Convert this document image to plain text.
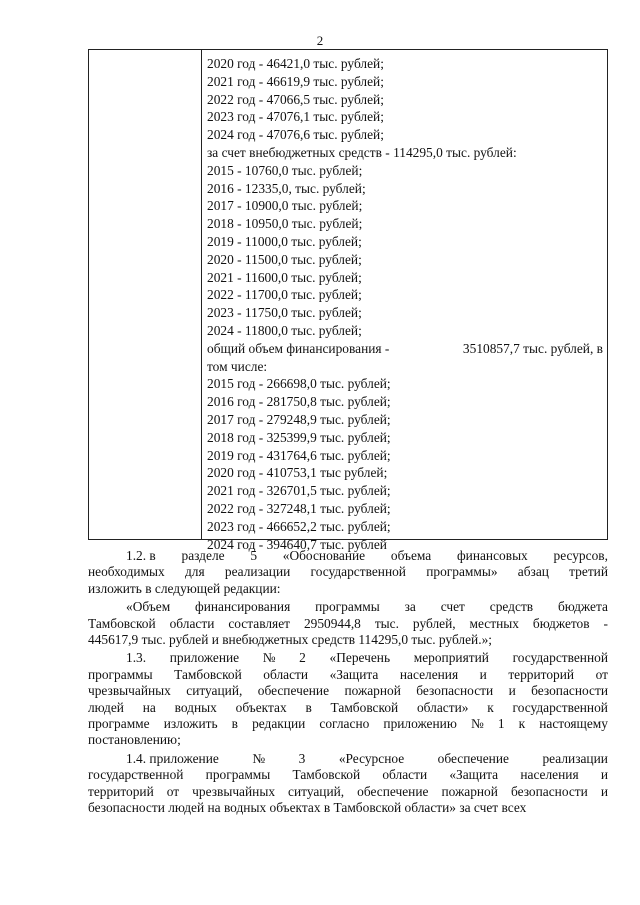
2
2020 год - 46421,0 тыс. рублей;
2021 год - 46619,9 тыс. рублей;
2022 год - 47066,5 тыс. рублей;
2023 год - 47076,1 тыс. рублей;
2024 год - 47076,6 тыс. рублей;
за счет внебюджетных средств - 114295,0 тыс. рублей:
2015 - 10760,0 тыс. рублей;
2016 - 12335,0, тыс. рублей;
2017 - 10900,0 тыс. рублей;
2018 - 10950,0 тыс. рублей;
2019 - 11000,0 тыс. рублей;
2020 - 11500,0 тыс. рублей;
2021 - 11600,0 тыс. рублей;
2022 - 11700,0 тыс. рублей;
2023 - 11750,0 тыс. рублей;
2024 - 11800,0 тыс. рублей;
общий объем финансирования -	3510857,7 тыс. рублей, в
том числе:
2015 год - 266698,0 тыс. рублей;
2016 год - 281750,8 тыс. рублей;
2017 год - 279248,9 тыс. рублей;
2018 год - 325399,9 тыс. рублей;
2019 год - 431764,6 тыс. рублей;
2020 год - 410753,1 тыс рублей;
2021 год - 326701,5 тыс. рублей;
2022 год - 327248,1 тыс. рублей;
2023 год - 466652,2 тыс. рублей;
2024 год - 394640,7 тыс. рублей
1.2. в разделе 5 «Обоснование объема финансовых ресурсов,
необходимых для реализации государственной программы» абзац третий
изложить в следующей редакции:
«Объем финансирования программы за счет средств бюджета
Тамбовской области составляет 2950944,8 тыс. рублей, местных бюджетов -
445617,9 тыс. рублей и внебюджетных средств 114295,0 тыс. рублей.»;
1.3. приложение № 2 «Перечень мероприятий государственной
программы Тамбовской области «Защита населения и территорий от
чрезвычайных ситуаций, обеспечение пожарной безопасности и безопасности
людей на водных объектах в Тамбовской области» к государственной
программе изложить в редакции согласно приложению № 1 к настоящему
постановлению;
1.4. приложение	№	3	«Ресурсное	обеспечение	реализации
государственной программы Тамбовской области «Защита населения и
территорий от чрезвычайных ситуаций, обеспечение пожарной безопасности и
безопасности людей на водных объектах в Тамбовской области» за счет всех
